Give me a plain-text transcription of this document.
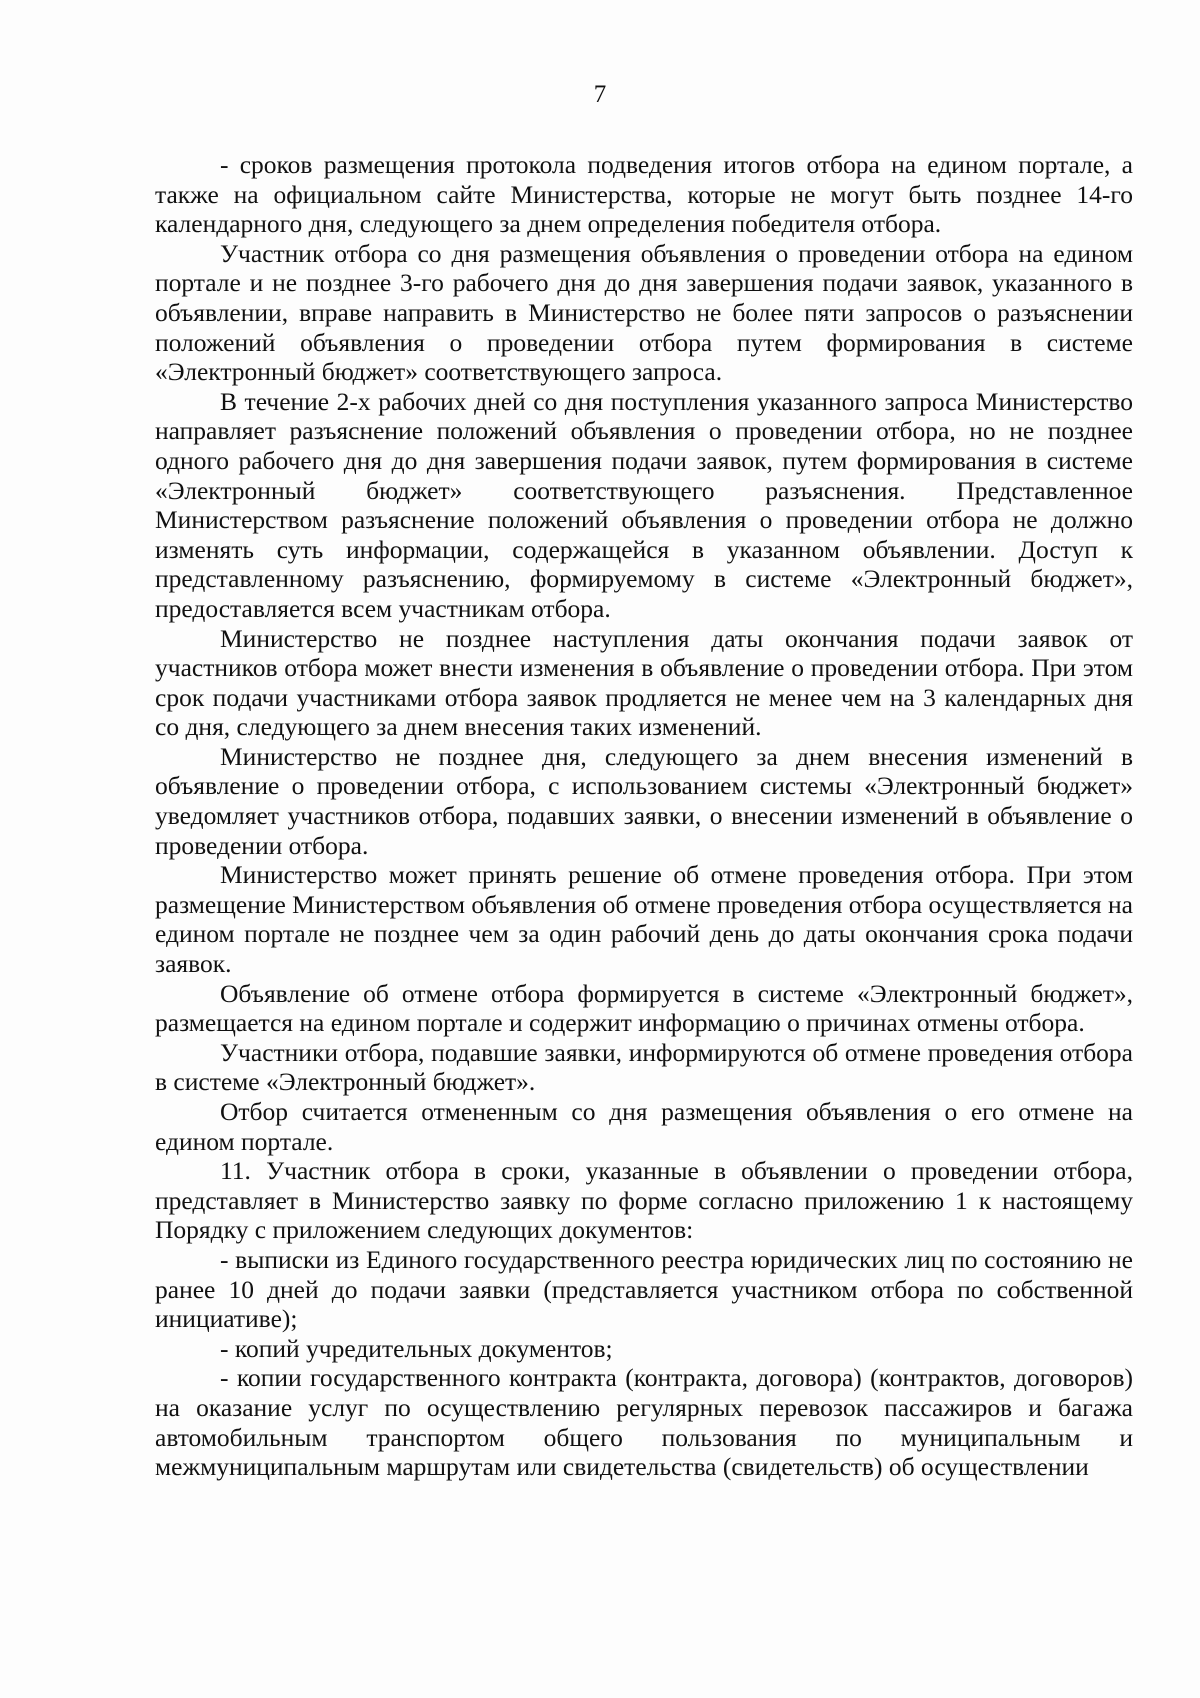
7

- сроков размещения протокола подведения итогов отбора на едином портале, а также на официальном сайте Министерства, которые не могут быть позднее 14-го календарного дня, следующего за днем определения победителя отбора.

Участник отбора со дня размещения объявления о проведении отбора на едином портале и не позднее 3-го рабочего дня до дня завершения подачи заявок, указанного в объявлении, вправе направить в Министерство не более пяти запросов о разъяснении положений объявления о проведении отбора путем формирования в системе «Электронный бюджет» соответствующего запроса.

В течение 2-х рабочих дней со дня поступления указанного запроса Министерство направляет разъяснение положений объявления о проведении отбора, но не позднее одного рабочего дня до дня завершения подачи заявок, путем формирования в системе «Электронный бюджет» соответствующего разъяснения. Представленное Министерством разъяснение положений объявления о проведении отбора не должно изменять суть информации, содержащейся в указанном объявлении. Доступ к представленному разъяснению, формируемому в системе «Электронный бюджет», предоставляется всем участникам отбора.

Министерство не позднее наступления даты окончания подачи заявок от участников отбора может внести изменения в объявление о проведении отбора. При этом срок подачи участниками отбора заявок продляется не менее чем на 3 календарных дня со дня, следующего за днем внесения таких изменений.

Министерство не позднее дня, следующего за днем внесения изменений в объявление о проведении отбора, с использованием системы «Электронный бюджет» уведомляет участников отбора, подавших заявки, о внесении изменений в объявление о проведении отбора.

Министерство может принять решение об отмене проведения отбора. При этом размещение Министерством объявления об отмене проведения отбора осуществляется на едином портале не позднее чем за один рабочий день до даты окончания срока подачи заявок.

Объявление об отмене отбора формируется в системе «Электронный бюджет», размещается на едином портале и содержит информацию о причинах отмены отбора.

Участники отбора, подавшие заявки, информируются об отмене проведения отбора в системе «Электронный бюджет».

Отбор считается отмененным со дня размещения объявления о его отмене на едином портале.

11. Участник отбора в сроки, указанные в объявлении о проведении отбора, представляет в Министерство заявку по форме согласно приложению 1 к настоящему Порядку с приложением следующих документов:

- выписки из Единого государственного реестра юридических лиц по состоянию не ранее 10 дней до подачи заявки (представляется участником отбора по собственной инициативе);

- копий учредительных документов;

- копии государственного контракта (контракта, договора) (контрактов, договоров) на оказание услуг по осуществлению регулярных перевозок пассажиров и багажа автомобильным транспортом общего пользования по муниципальным и межмуниципальным маршрутам или свидетельства (свидетельств) об осуществлении
